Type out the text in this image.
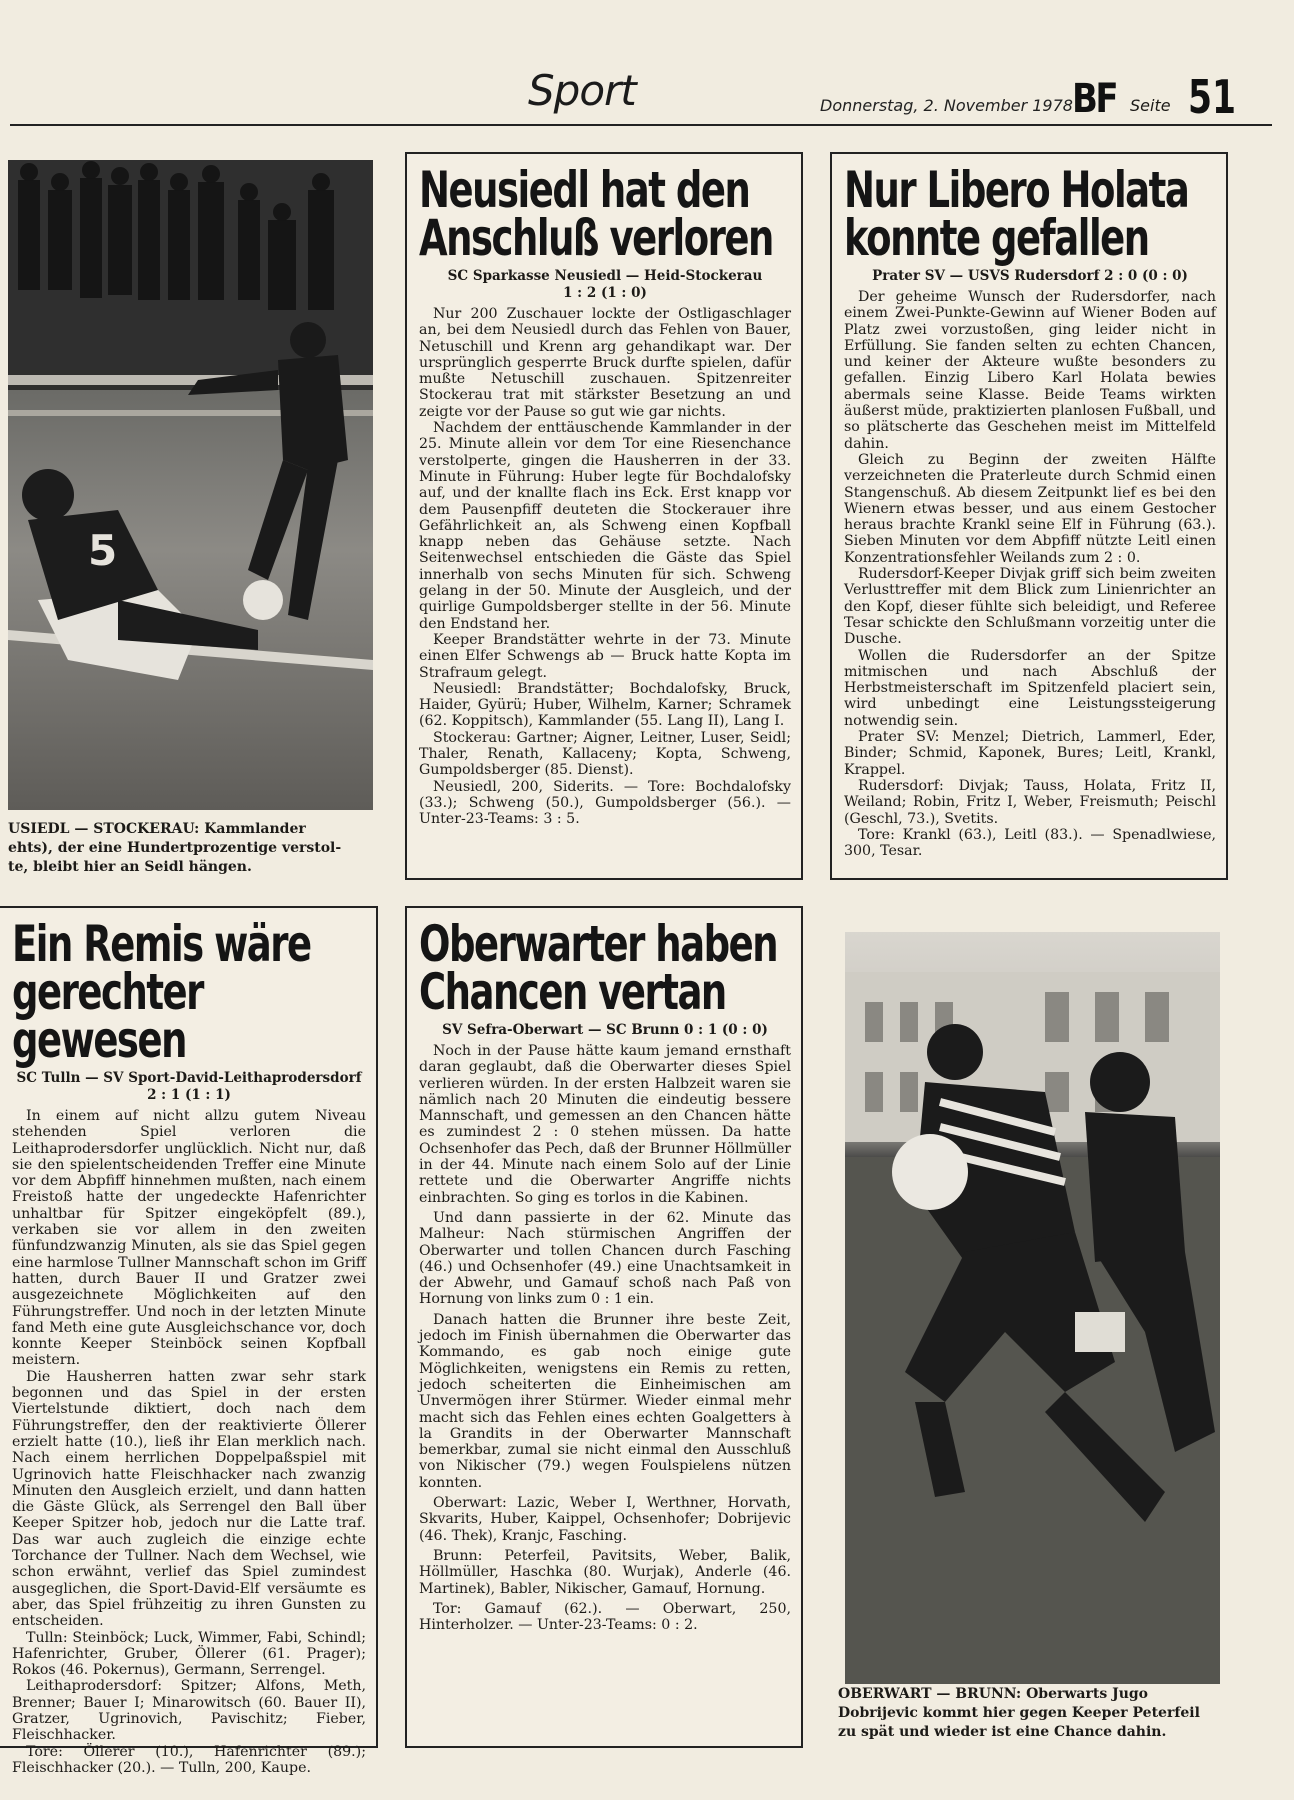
Sport	Donnerstag, 2. November 1978 BF Seite 51
5
USIEDL — STOCKERAU: Kammlander
ehts), der eine Hundertprozentige verstol-
te, bleibt hier an Seidl hängen.
Neusiedl hat den
Anschluß verloren
SC Sparkasse Neusiedl — Heid-Stockerau
1 : 2 (1 : 0)

Nur 200 Zuschauer lockte der Ostligaschlager an, bei dem Neusiedl durch das Fehlen von Bauer, Netuschill und Krenn arg gehandikapt war. Der ursprünglich gesperrte Bruck durfte spielen, dafür mußte Netuschill zuschauen. Spitzenreiter Stockerau trat mit stärkster Besetzung an und zeigte vor der Pause so gut wie gar nichts.

Nachdem der enttäuschende Kammlander in der 25. Minute allein vor dem Tor eine Riesenchance verstolperte, gingen die Hausherren in der 33. Minute in Führung: Huber legte für Bochdalofsky auf, und der knallte flach ins Eck. Erst knapp vor dem Pausenpfiff deuteten die Stockerauer ihre Gefährlichkeit an, als Schweng einen Kopfball knapp neben das Gehäuse setzte. Nach Seitenwechsel entschieden die Gäste das Spiel innerhalb von sechs Minuten für sich. Schweng gelang in der 50. Minute der Ausgleich, und der quirlige Gumpoldsberger stellte in der 56. Minute den Endstand her.

Keeper Brandstätter wehrte in der 73. Minute einen Elfer Schwengs ab — Bruck hatte Kopta im Strafraum gelegt.

Neusiedl: Brandstätter; Bochdalofsky, Bruck, Haider, Gyürü; Huber, Wilhelm, Karner; Schramek (62. Koppitsch), Kammlander (55. Lang II), Lang I.

Stockerau: Gartner; Aigner, Leitner, Luser, Seidl; Thaler, Renath, Kallaceny; Kopta, Schweng, Gumpoldsberger (85. Dienst).

Neusiedl, 200, Siderits. — Tore: Bochdalofsky (33.); Schweng (50.), Gumpoldsberger (56.). — Unter-23-Teams: 3 : 5.

Nur Libero Holata
konnte gefallen
Prater SV — USVS Rudersdorf 2 : 0 (0 : 0)

Der geheime Wunsch der Rudersdorfer, nach einem Zwei-Punkte-Gewinn auf Wiener Boden auf Platz zwei vorzustoßen, ging leider nicht in Erfüllung. Sie fanden selten zu echten Chancen, und keiner der Akteure wußte besonders zu gefallen. Einzig Libero Karl Holata bewies abermals seine Klasse. Beide Teams wirkten äußerst müde, praktizierten planlosen Fußball, und so plätscherte das Geschehen meist im Mittelfeld dahin.

Gleich zu Beginn der zweiten Hälfte verzeichneten die Praterleute durch Schmid einen Stangenschuß. Ab diesem Zeitpunkt lief es bei den Wienern etwas besser, und aus einem Gestocher heraus brachte Krankl seine Elf in Führung (63.). Sieben Minuten vor dem Abpfiff nützte Leitl einen Konzentrationsfehler Weilands zum 2 : 0.

Rudersdorf-Keeper Divjak griff sich beim zweiten Verlusttreffer mit dem Blick zum Linienrichter an den Kopf, dieser fühlte sich beleidigt, und Referee Tesar schickte den Schlußmann vorzeitig unter die Dusche.

Wollen die Rudersdorfer an der Spitze mitmischen und nach Abschluß der Herbstmeisterschaft im Spitzenfeld placiert sein, wird unbedingt eine Leistungssteigerung notwendig sein.

Prater SV: Menzel; Dietrich, Lammerl, Eder, Binder; Schmid, Kaponek, Bures; Leitl, Krankl, Krappel.

Rudersdorf: Divjak; Tauss, Holata, Fritz II, Weiland; Robin, Fritz I, Weber, Freismuth; Peischl (Geschl, 73.), Svetits.

Tore: Krankl (63.), Leitl (83.). — Spenadlwiese, 300, Tesar.

Ein Remis wäre
gerechter gewesen
SC Tulln — SV Sport-David-Leithaprodersdorf 2 : 1 (1 : 1)

In einem auf nicht allzu gutem Niveau stehenden Spiel verloren die Leithaprodersdorfer unglücklich. Nicht nur, daß sie den spielentscheidenden Treffer eine Minute vor dem Abpfiff hinnehmen mußten, nach einem Freistoß hatte der ungedeckte Hafenrichter unhaltbar für Spitzer eingeköpfelt (89.), verkaben sie vor allem in den zweiten fünfundzwanzig Minuten, als sie das Spiel gegen eine harmlose Tullner Mannschaft schon im Griff hatten, durch Bauer II und Gratzer zwei ausgezeichnete Möglichkeiten auf den Führungstreffer. Und noch in der letzten Minute fand Meth eine gute Ausgleichschance vor, doch konnte Keeper Steinböck seinen Kopfball meistern.

Die Hausherren hatten zwar sehr stark begonnen und das Spiel in der ersten Viertelstunde diktiert, doch nach dem Führungstreffer, den der reaktivierte Öllerer erzielt hatte (10.), ließ ihr Elan merklich nach. Nach einem herrlichen Doppelpaßspiel mit Ugrinovich hatte Fleischhacker nach zwanzig Minuten den Ausgleich erzielt, und dann hatten die Gäste Glück, als Serrengel den Ball über Keeper Spitzer hob, jedoch nur die Latte traf. Das war auch zugleich die einzige echte Torchance der Tullner. Nach dem Wechsel, wie schon erwähnt, verlief das Spiel zumindest ausgeglichen, die Sport-David-Elf versäumte es aber, das Spiel frühzeitig zu ihren Gunsten zu entscheiden.

Tulln: Steinböck; Luck, Wimmer, Fabi, Schindl; Hafenrichter, Gruber, Öllerer (61. Prager); Rokos (46. Pokernus), Germann, Serrengel.

Leithaprodersdorf: Spitzer; Alfons, Meth, Brenner; Bauer I; Minarowitsch (60. Bauer II), Gratzer, Ugrinovich, Pavischitz; Fieber, Fleischhacker.

Tore: Öllerer (10.), Hafenrichter (89.); Fleischhacker (20.). — Tulln, 200, Kaupe.

Oberwarter haben
Chancen vertan
SV Sefra-Oberwart — SC Brunn 0 : 1 (0 : 0)

Noch in der Pause hätte kaum jemand ernsthaft daran geglaubt, daß die Oberwarter dieses Spiel verlieren würden. In der ersten Halbzeit waren sie nämlich nach 20 Minuten die eindeutig bessere Mannschaft, und gemessen an den Chancen hätte es zumindest 2 : 0 stehen müssen. Da hatte Ochsenhofer das Pech, daß der Brunner Höllmüller in der 44. Minute nach einem Solo auf der Linie rettete und die Oberwarter Angriffe nichts einbrachten. So ging es torlos in die Kabinen.

Und dann passierte in der 62. Minute das Malheur: Nach stürmischen Angriffen der Oberwarter und tollen Chancen durch Fasching (46.) und Ochsenhofer (49.) eine Unachtsamkeit in der Abwehr, und Gamauf schoß nach Paß von Hornung von links zum 0 : 1 ein.

Danach hatten die Brunner ihre beste Zeit, jedoch im Finish übernahmen die Oberwarter das Kommando, es gab noch einige gute Möglichkeiten, wenigstens ein Remis zu retten, jedoch scheiterten die Einheimischen am Unvermögen ihrer Stürmer. Wieder einmal mehr macht sich das Fehlen eines echten Goalgetters à la Grandits in der Oberwarter Mannschaft bemerkbar, zumal sie nicht einmal den Ausschluß von Nikischer (79.) wegen Foulspielens nützen konnten.

Oberwart: Lazic, Weber I, Werthner, Horvath, Skvarits, Huber, Kaippel, Ochsenhofer; Dobrijevic (46. Thek), Kranjc, Fasching.

Brunn: Peterfeil, Pavitsits, Weber, Balik, Höllmüller, Haschka (80. Wurjak), Anderle (46. Martinek), Babler, Nikischer, Gamauf, Hornung.

Tor: Gamauf (62.). — Oberwart, 250, Hinterholzer. — Unter-23-Teams: 0 : 2.

OBERWART — BRUNN: Oberwarts Jugo
Dobrijevic kommt hier gegen Keeper Peterfeil
zu spät und wieder ist eine Chance dahin.
